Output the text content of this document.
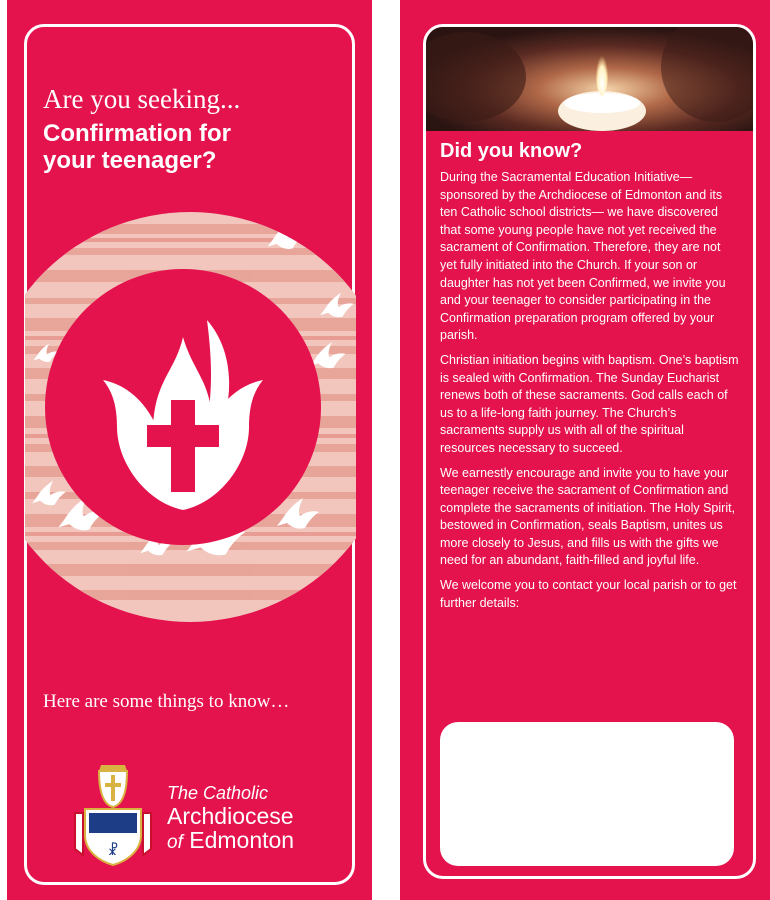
Are you seeking...
Confirmation for
your teenager?
Here are some things to know…
☧
The Catholic
Archdiocese
of Edmonton
Did you know?

During the Sacramental Education Initiative— sponsored by the Archdiocese of Edmonton and its ten Catholic school districts— we have discovered that some young people have not yet received the sacrament of Confirmation. Therefore, they are not yet fully initiated into the Church. If your son or daughter has not yet been Confirmed, we invite you and your teenager to consider participating in the Confirmation preparation program offered by your parish.

Christian initiation begins with baptism. One’s baptism is sealed with Confirmation. The Sunday Eucharist renews both of these sacraments. God calls each of us to a life-long faith journey. The Church’s sacraments supply us with all of the spiritual resources necessary to succeed.

We earnestly encourage and invite you to have your teenager receive the sacrament of Confirmation and complete the sacraments of initiation. The Holy Spirit, bestowed in Confirmation, seals Baptism, unites us more closely to Jesus, and fills us with the gifts we need for an abundant, faith-filled and joyful life.

We welcome you to contact your local parish or to get further details:
